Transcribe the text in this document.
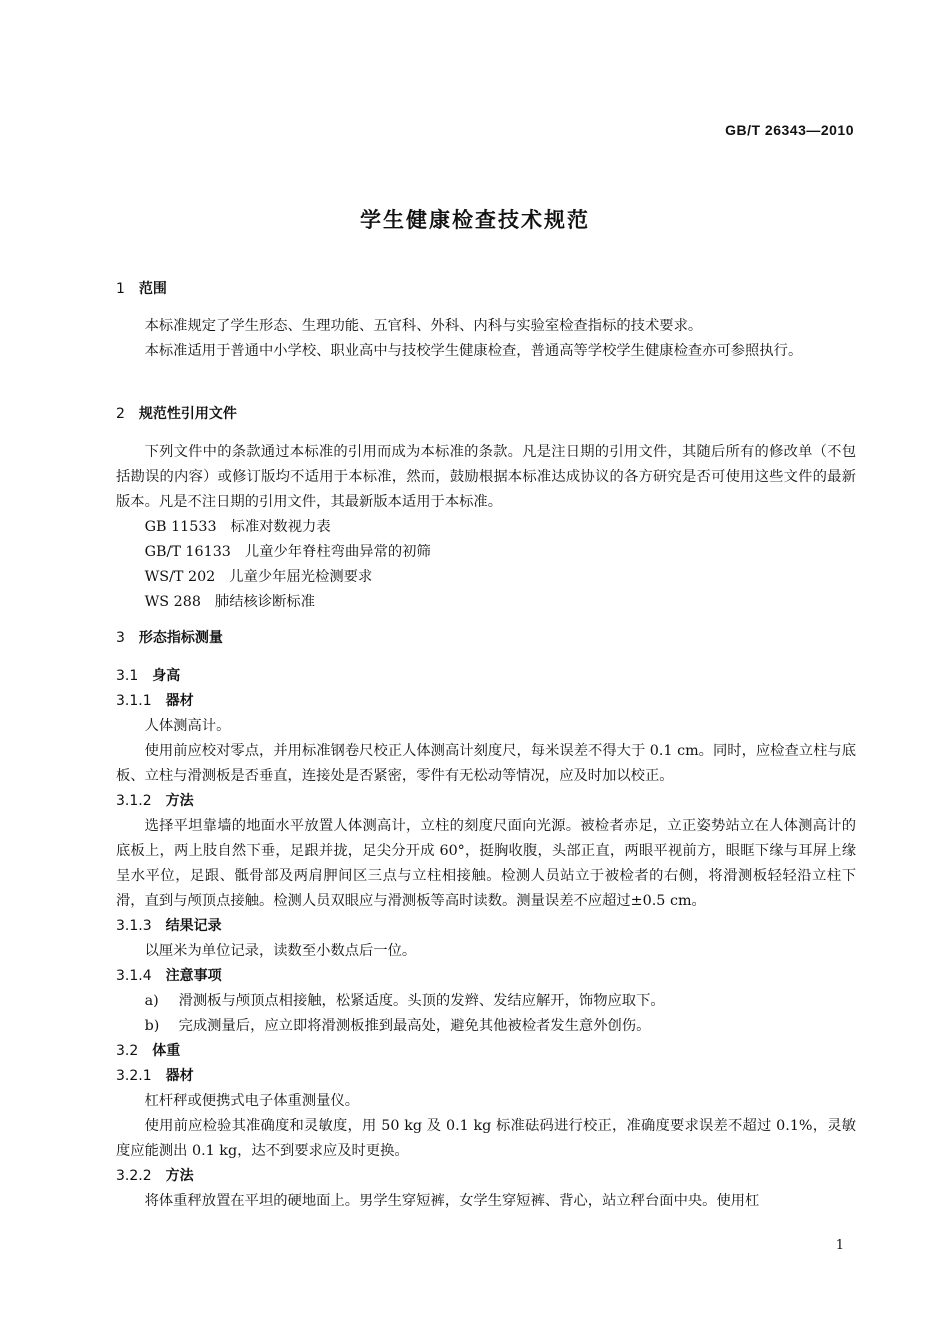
GB/T 26343—2010
学生健康检查技术规范
1 范围

本标准规定了学生形态、生理功能、五官科、外科、内科与实验室检查指标的技术要求。

本标准适用于普通中小学校、职业高中与技校学生健康检查，普通高等学校学生健康检查亦可参照执行。

2 规范性引用文件

下列文件中的条款通过本标准的引用而成为本标准的条款。凡是注日期的引用文件，其随后所有的修改单（不包括勘误的内容）或修订版均不适用于本标准，然而，鼓励根据本标准达成协议的各方研究是否可使用这些文件的最新版本。凡是不注日期的引用文件，其最新版本适用于本标准。

GB 11533 标准对数视力表
GB/T 16133 儿童少年脊柱弯曲异常的初筛
WS/T 202 儿童少年屈光检测要求
WS 288 肺结核诊断标准
3 形态指标测量
3.1 身高
3.1.1 器材

人体测高计。

使用前应校对零点，并用标准钢卷尺校正人体测高计刻度尺，每米误差不得大于 0.1 cm。同时，应检查立柱与底板、立柱与滑测板是否垂直，连接处是否紧密，零件有无松动等情况，应及时加以校正。

3.1.2 方法

选择平坦靠墙的地面水平放置人体测高计，立柱的刻度尺面向光源。被检者赤足，立正姿势站立在人体测高计的底板上，两上肢自然下垂，足跟并拢，足尖分开成 60°，挺胸收腹，头部正直，两眼平视前方，眼眶下缘与耳屏上缘呈水平位，足跟、骶骨部及两肩胛间区三点与立柱相接触。检测人员站立于被检者的右侧，将滑测板轻轻沿立柱下滑，直到与颅顶点接触。检测人员双眼应与滑测板等高时读数。测量误差不应超过±0.5 cm。

3.1.3 结果记录

以厘米为单位记录，读数至小数点后一位。

3.1.4 注意事项
a) 滑测板与颅顶点相接触，松紧适度。头顶的发辫、发结应解开，饰物应取下。
b) 完成测量后，应立即将滑测板推到最高处，避免其他被检者发生意外创伤。
3.2 体重
3.2.1 器材

杠杆秤或便携式电子体重测量仪。

使用前应检验其准确度和灵敏度，用 50 kg 及 0.1 kg 标准砝码进行校正，准确度要求误差不超过 0.1%，灵敏度应能测出 0.1 kg，达不到要求应及时更换。

3.2.2 方法

将体重秤放置在平坦的硬地面上。男学生穿短裤，女学生穿短裤、背心，站立秤台面中央。使用杠

1
